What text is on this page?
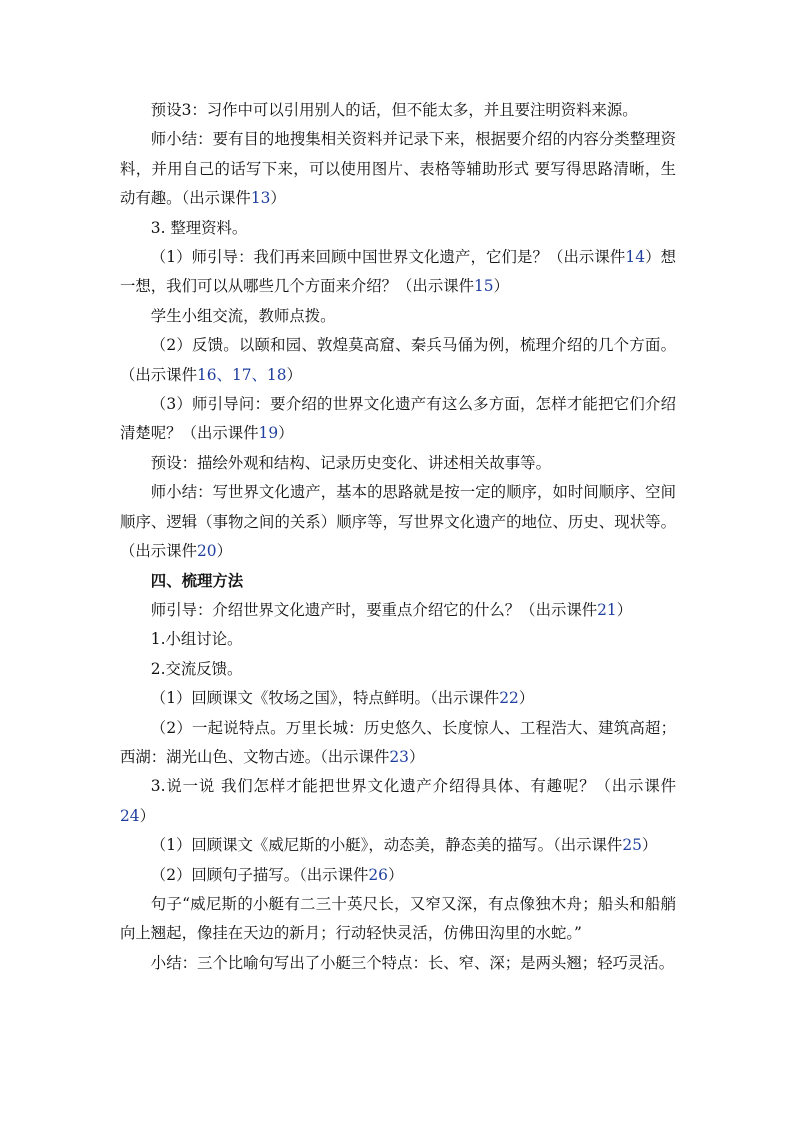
预设3：习作中可以引用别人的话，但不能太多，并且要注明资料来源。

师小结：要有目的地搜集相关资料并记录下来，根据要介绍的内容分类整理资料，并用自己的话写下来，可以使用图片、表格等辅助形式 要写得思路清晰，生动有趣。（出示课件13）

3. 整理资料。

（1）师引导：我们再来回顾中国世界文化遗产，它们是？（出示课件14）想一想，我们可以从哪些几个方面来介绍？（出示课件15）

学生小组交流，教师点拨。

（2）反馈。以颐和园、敦煌莫高窟、秦兵马俑为例，梳理介绍的几个方面。（出示课件16、17、18）

（3）师引导问：要介绍的世界文化遗产有这么多方面，怎样才能把它们介绍清楚呢？（出示课件19）

预设：描绘外观和结构、记录历史变化、讲述相关故事等。

师小结：写世界文化遗产，基本的思路就是按一定的顺序，如时间顺序、空间顺序、逻辑（事物之间的关系）顺序等，写世界文化遗产的地位、历史、现状等。（出示课件20）

四、梳理方法

师引导：介绍世界文化遗产时，要重点介绍它的什么？（出示课件21）

1.小组讨论。

2.交流反馈。

（1）回顾课文《牧场之国》，特点鲜明。（出示课件22）

（2）一起说特点。万里长城：历史悠久、长度惊人、工程浩大、建筑高超；西湖：湖光山色、文物古迹。（出示课件23）

3.说一说 我们怎样才能把世界文化遗产介绍得具体、有趣呢？（出示课件24）

（1）回顾课文《威尼斯的小艇》，动态美，静态美的描写。（出示课件25）

（2）回顾句子描写。（出示课件26）

句子“威尼斯的小艇有二三十英尺长，又窄又深，有点像独木舟；船头和船艄向上翘起，像挂在天边的新月；行动轻快灵活，仿佛田沟里的水蛇。”

小结：三个比喻句写出了小艇三个特点：长、窄、深；是两头翘；轻巧灵活。
